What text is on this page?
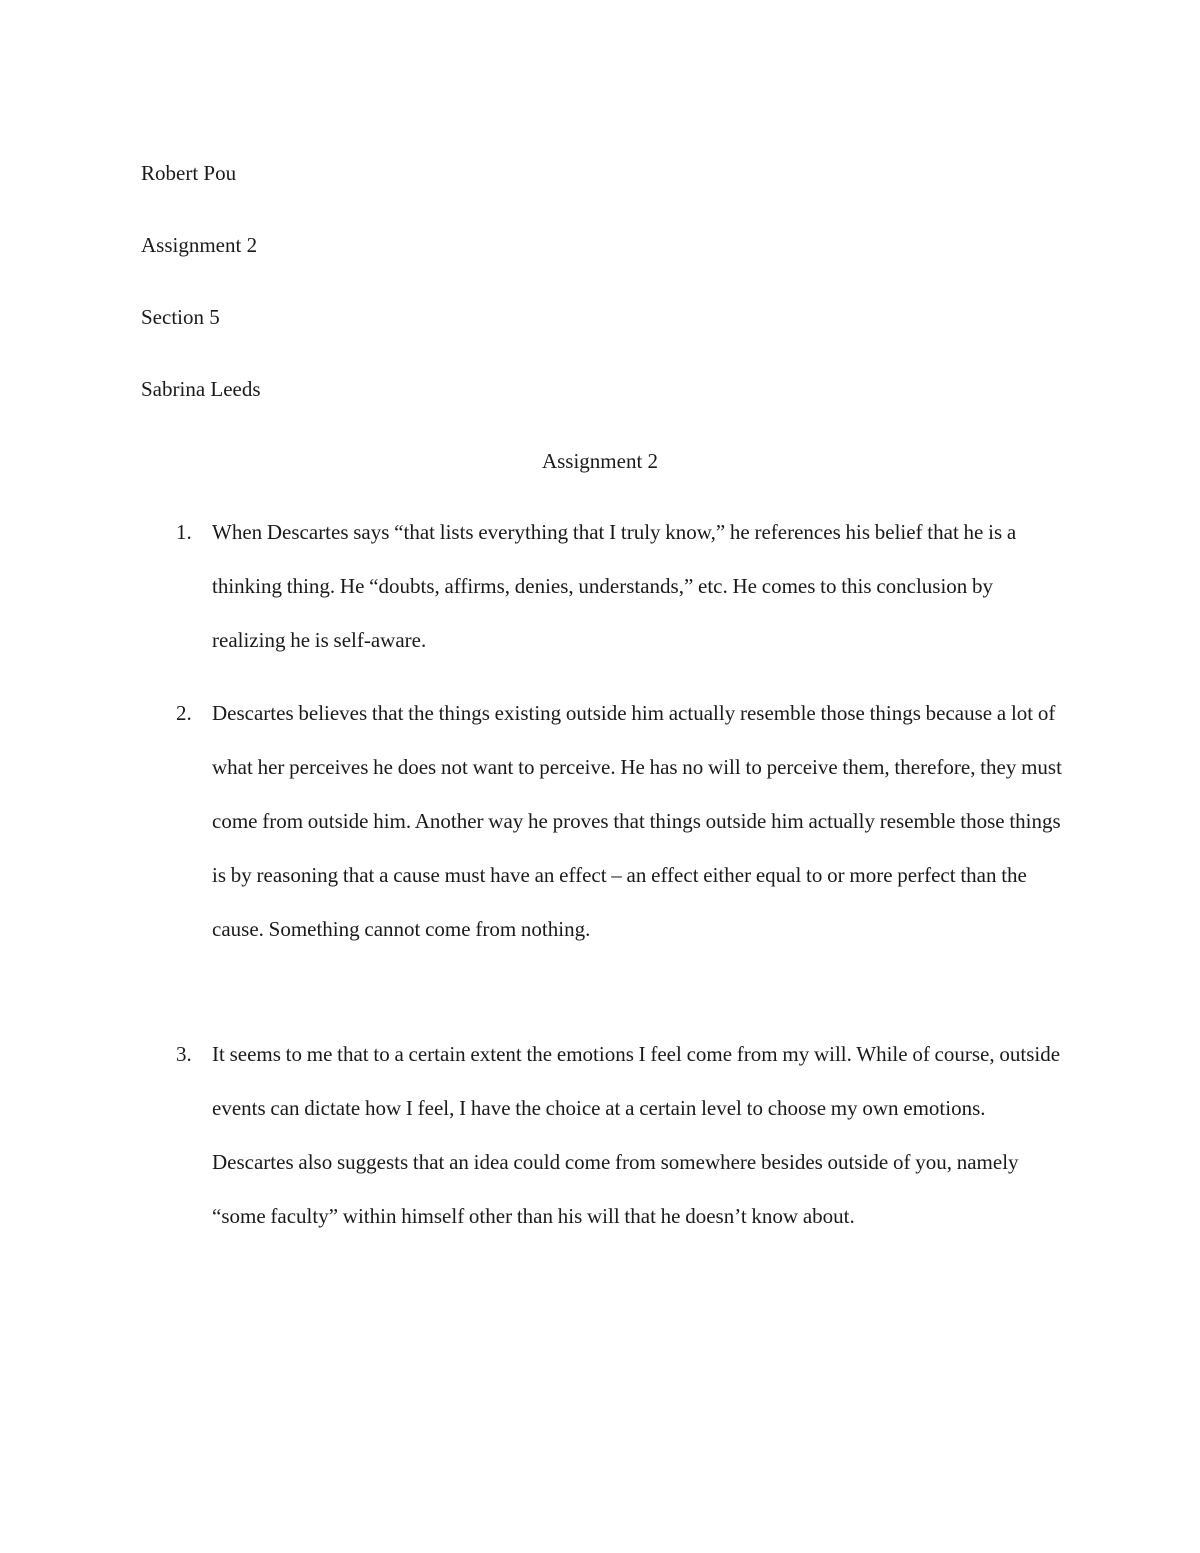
Robert Pou

Assignment 2

Section 5

Sabrina Leeds

Assignment 2
1. When Descartes says “that lists everything that I truly know,” he references his belief that he is a thinking thing. He “doubts, affirms, denies, understands,” etc. He comes to this conclusion by realizing he is self-aware.

2. Descartes believes that the things existing outside him actually resemble those things because a lot of what her perceives he does not want to perceive. He has no will to perceive them, therefore, they must come from outside him. Another way he proves that things outside him actually resemble those things is by reasoning that a cause must have an effect – an effect either equal to or more perfect than the cause. Something cannot come from nothing.

3. It seems to me that to a certain extent the emotions I feel come from my will. While of course, outside events can dictate how I feel, I have the choice at a certain level to choose my own emotions. Descartes also suggests that an idea could come from somewhere besides outside of you, namely “some faculty” within himself other than his will that he doesn’t know about.
